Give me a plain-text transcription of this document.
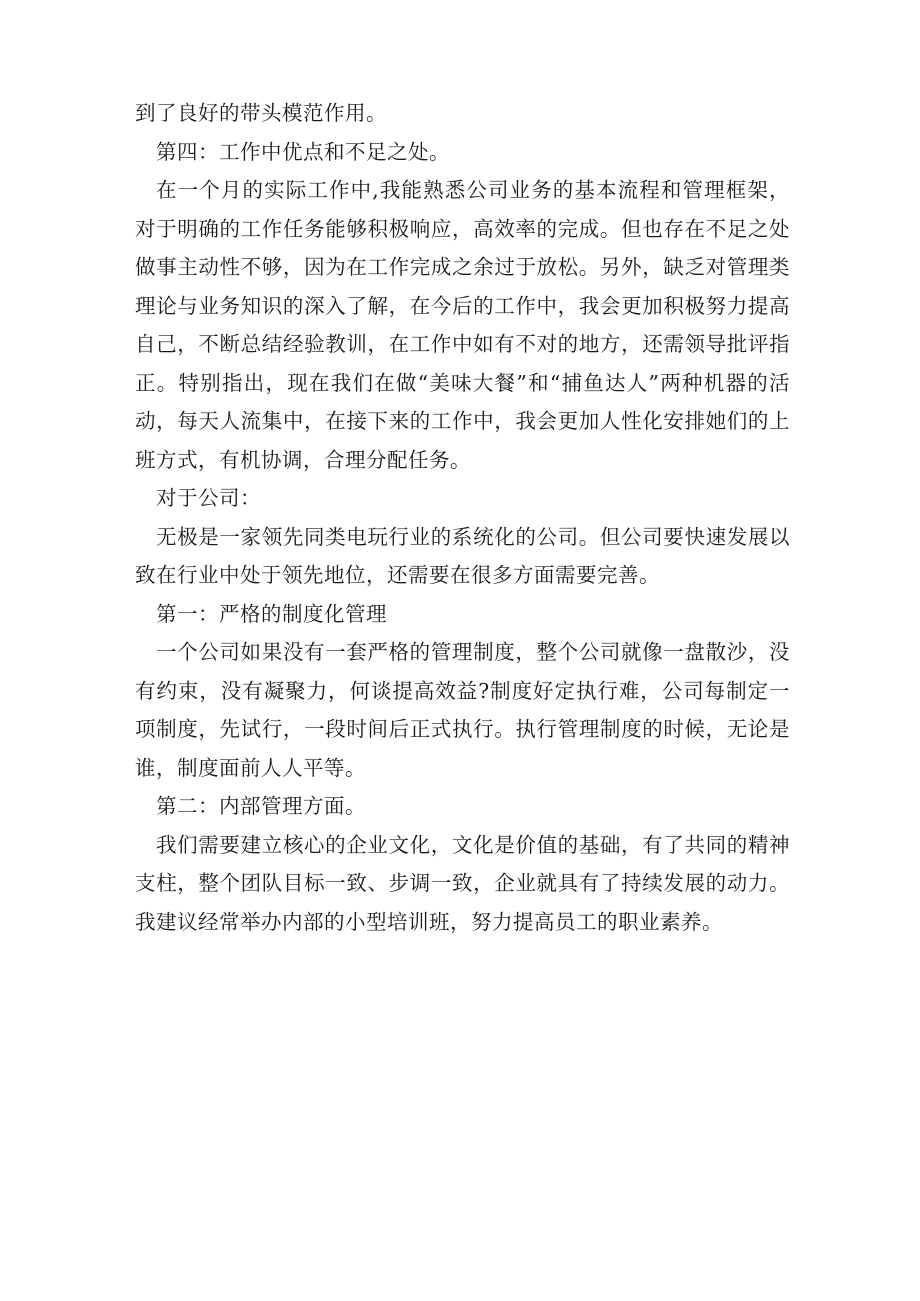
到了良好的带头模范作用。

第四：工作中优点和不足之处。

在一个月的实际工作中,我能熟悉公司业务的基本流程和管理框架，对于明确的工作任务能够积极响应，高效率的完成。但也存在不足之处 做事主动性不够，因为在工作完成之余过于放松。另外，缺乏对管理类理论与业务知识的深入了解，在今后的工作中，我会更加积极努力提高自己，不断总结经验教训，在工作中如有不对的地方，还需领导批评指正。特别指出，现在我们在做“美味大餐”和“捕鱼达人”两种机器的活动，每天人流集中，在接下来的工作中，我会更加人性化安排她们的上班方式，有机协调，合理分配任务。

对于公司：

无极是一家领先同类电玩行业的系统化的公司。但公司要快速发展以致在行业中处于领先地位，还需要在很多方面需要完善。

第一：严格的制度化管理

一个公司如果没有一套严格的管理制度，整个公司就像一盘散沙，没有约束，没有凝聚力，何谈提高效益?制度好定执行难，公司每制定一项制度，先试行，一段时间后正式执行。执行管理制度的时候，无论是谁，制度面前人人平等。

第二：内部管理方面。

我们需要建立核心的企业文化，文化是价值的基础，有了共同的精神支柱，整个团队目标一致、步调一致，企业就具有了持续发展的动力。我建议经常举办内部的小型培训班，努力提高员工的职业素养。
